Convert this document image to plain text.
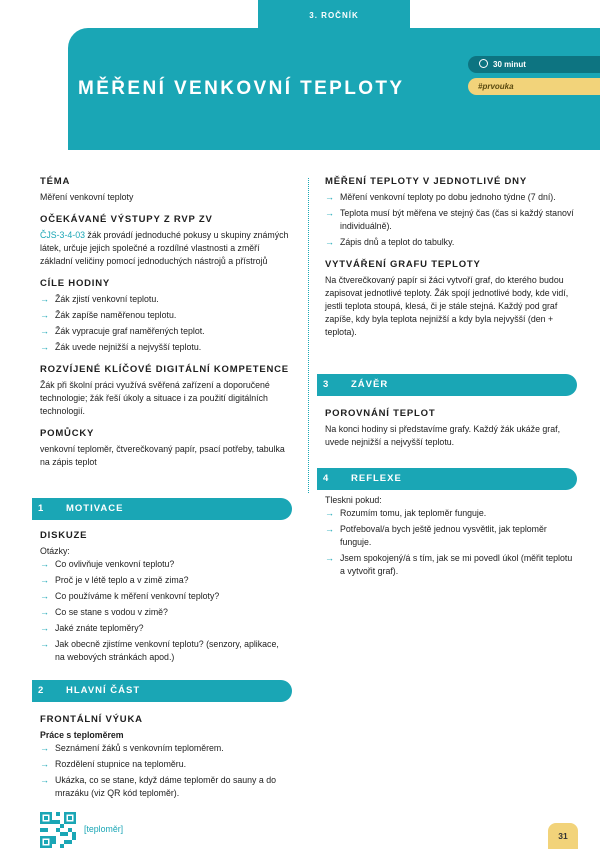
3. ROČNÍK
MĚŘENÍ VENKOVNÍ TEPLOTY
30 minut
#prvouka
TÉMA

Měření venkovní teploty

OČEKÁVANÉ VÝSTUPY Z RVP ZV

ČJS-3-4-03 žák provádí jednoduché pokusy u skupiny známých látek, určuje jejich společné a rozdílné vlastnosti a změří základní veličiny pomocí jednoduchých nástrojů a přístrojů

CÍLE HODINY
→ Žák zjistí venkovní teplotu.
→ Žák zapíše naměřenou teplotu.
→ Žák vypracuje graf naměřených teplot.
→ Žák uvede nejnižší a nejvyšší teplotu.
ROZVÍJENÉ KLÍČOVÉ DIGITÁLNÍ KOMPETENCE

Žák při školní práci využívá svěřená zařízení a doporučené technologie; žák řeší úkoly a situace i za použití digitálních technologií.

POMŮCKY

venkovní teploměr, čtverečkovaný papír, psací potřeby, tabulka na zápis teplot

1 MOTIVACE
DISKUZE

Otázky:

→ Co ovlivňuje venkovní teplotu?
→ Proč je v létě teplo a v zimě zima?
→ Co používáme k měření venkovní teploty?
→ Co se stane s vodou v zimě?
→ Jaké znáte teploměry?
→ Jak obecně zjistíme venkovní teplotu? (senzory, aplikace, na webových stránkách apod.)
2 HLAVNÍ ČÁST
FRONTÁLNÍ VÝUKA

Práce s teploměrem

→ Seznámení žáků s venkovním teploměrem.
→ Rozdělení stupnice na teploměru.
→ Ukázka, co se stane, když dáme teploměr do sauny a do mrazáku (viz QR kód teploměr).
[teploměr]
MĚŘENÍ TEPLOTY V JEDNOTLIVÉ DNY
→ Měření venkovní teploty po dobu jednoho týdne (7 dní).
→ Teplota musí být měřena ve stejný čas (čas si každý stanoví individuálně).
→ Zápis dnů a teplot do tabulky.
VYTVÁŘENÍ GRAFU TEPLOTY

Na čtverečkovaný papír si žáci vytvoří graf, do kterého budou zapisovat jednotlivé teploty. Žák spojí jednotlivé body, kde vidí, jestli teplota stoupá, klesá, či je stále stejná. Každý pod graf zapíše, kdy byla teplota nejnižší a kdy byla nejvyšší (den + teplota).

3 ZÁVĚR
POROVNÁNÍ TEPLOT

Na konci hodiny si představíme grafy. Každý žák ukáže graf, uvede nejnižší a nejvyšší teplotu.

4 REFLEXE

Tleskni pokud:

→ Rozumím tomu, jak teploměr funguje.
→ Potřeboval/a bych ještě jednou vysvětlit, jak teploměr funguje.
→ Jsem spokojený/á s tím, jak se mi povedl úkol (měřit teplotu a vytvořit graf).
31
